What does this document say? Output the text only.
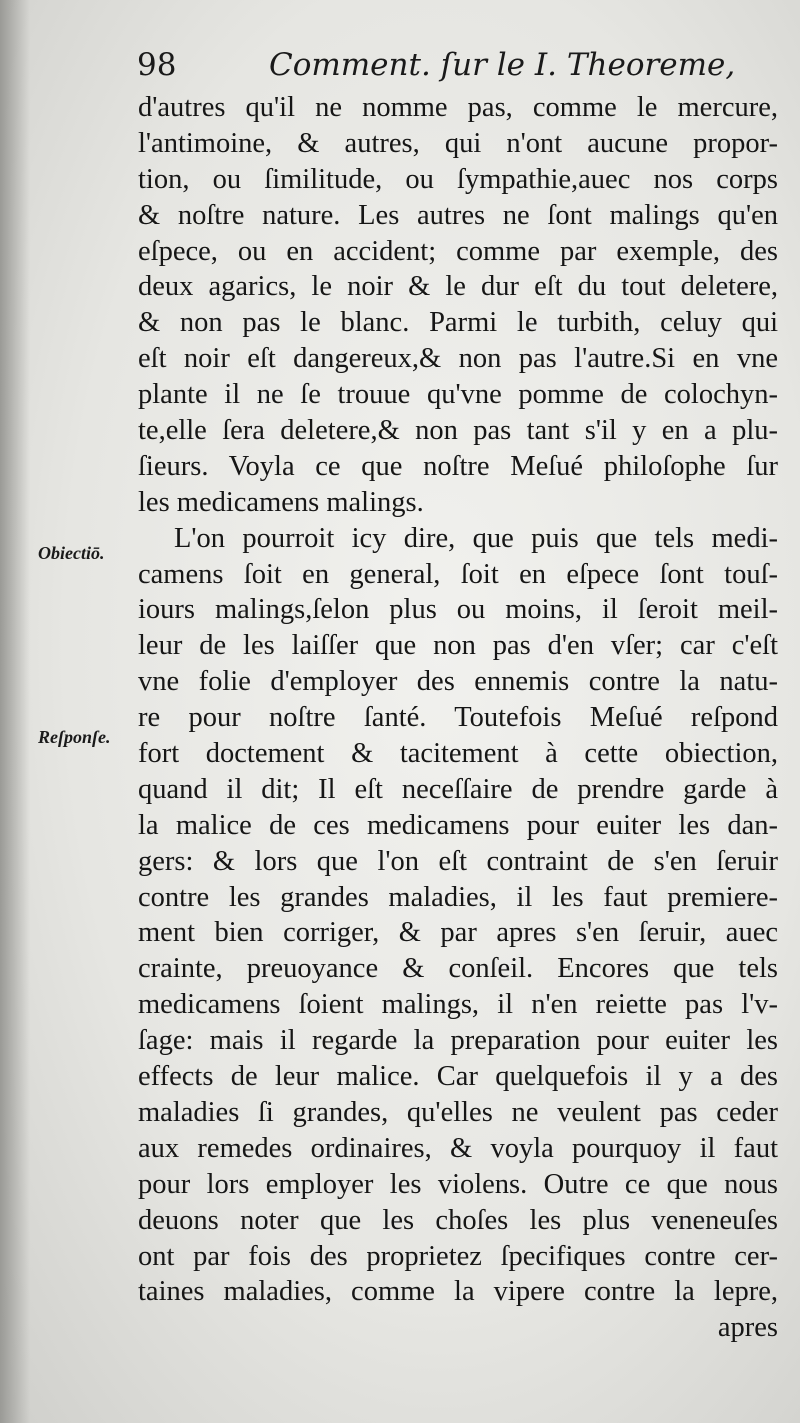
98	Comment. ſur le I. Theoreme,
Obiectiō.
Reſponſe.
d'autres qu'il ne nomme pas, comme le mercure,
l'antimoine, & autres, qui n'ont aucune propor-
tion, ou ſimilitude, ou ſympathie,auec nos corps
& noſtre nature. Les autres ne ſont malings qu'en
eſpece, ou en accident; comme par exemple, des
deux agarics, le noir & le dur eſt du tout deletere,
& non pas le blanc. Parmi le turbith, celuy qui
eſt noir eſt dangereux,& non pas l'autre.Si en vne
plante il ne ſe trouue qu'vne pomme de colochyn-
te,elle ſera deletere,& non pas tant s'il y en a plu-
ſieurs. Voyla ce que noſtre Meſué philoſophe ſur
les medicamens malings.
L'on pourroit icy dire, que puis que tels medi-
camens ſoit en general, ſoit en eſpece ſont touſ-
iours malings,ſelon plus ou moins, il ſeroit meil-
leur de les laiſſer que non pas d'en vſer; car c'eſt
vne folie d'employer des ennemis contre la natu-
re pour noſtre ſanté. Toutefois Meſué reſpond
fort doctement & tacitement à cette obiection,
quand il dit; Il eſt neceſſaire de prendre garde à
la malice de ces medicamens pour euiter les dan-
gers: & lors que l'on eſt contraint de s'en ſeruir
contre les grandes maladies, il les faut premiere-
ment bien corriger, & par apres s'en ſeruir, auec
crainte, preuoyance & conſeil. Encores que tels
medicamens ſoient malings, il n'en reiette pas l'v-
ſage: mais il regarde la preparation pour euiter les
effects de leur malice. Car quelquefois il y a des
maladies ſi grandes, qu'elles ne veulent pas ceder
aux remedes ordinaires, & voyla pourquoy il faut
pour lors employer les violens. Outre ce que nous
deuons noter que les choſes les plus veneneuſes
ont par fois des proprietez ſpecifiques contre cer-
taines maladies, comme la vipere contre la lepre,
apres
